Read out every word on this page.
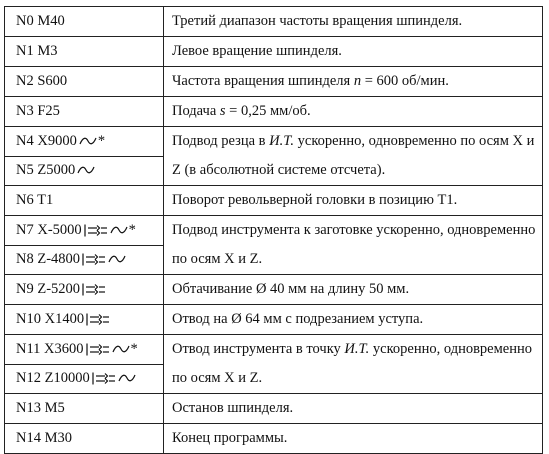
N0 M40	Третий диапазон частоты вращения шпинделя.

N1 M3	Левое вращение шпинделя.

N2 S600	Частота вращения шпинделя n = 600 об/мин.

N3 F25	Подача s = 0,25 мм/об.

N4 X9000 *	Подвод резца в И.Т. ускоренно, одновременно по осям X и Z (в абсолютной системе отсчета).

N5 Z5000	

N6 T1	Поворот револьверной головки в позицию Т1.

N7 X-5000 *	Подвод инструмента к заготовке ускоренно, одновременно по осям X и Z.

N8 Z-4800	

N9 Z-5200	Обтачивание Ø 40 мм на длину 50 мм.

N10 X1400	Отвод на Ø 64 мм с подрезанием уступа.

N11 X3600 *	Отвод инструмента в точку И.Т. ускоренно, одновременно по осям X и Z.

N12 Z10000	

N13 M5	Останов шпинделя.

N14 M30	Конец программы.
